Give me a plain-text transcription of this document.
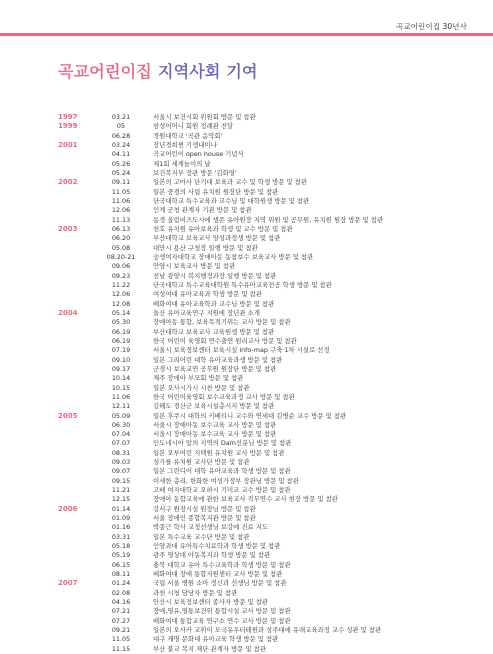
곡교어린이집 30년사
곡교어린이집 지역사회 기여
1997	03.21	서울시 보건시회 위원회 방문 및 참관
1999	05	삼성어머니 회원 정례관 전달
06.28	경원대학교 '곡관 음악회'
2001	03.24	장년경희쩐 기생내미나
04.11	곡교어린이 open house 기념식
05.26	제1회 세계놀이의 날
05.24	보건복지부 장관 방문 '김화영'
2002	09.11	일본의 고마사 단기대 보육과 교수 및 학생 방문 및 참관
11.05	일본 중경의 사립 유치원 원장단 방문 및 참관
11.06	단국대학교 특수교육과 교수님 및 대학원생 방문 및 참관
12.06	인계 군청 관계자 기관 방문 및 참관
11.13	동경 올림비즈도시에 생존 유아원장 지역 위원 및 공무원, 유치원 원장 방문 및 참관
2003	06.13	천호 유치원 유아보육과 학생 및 교수 방문 및 참관
06.20	부산대학교 보육교사 양성과정생 방문 및 참관
05.08	대만시 용산 구청장 일행 방문 및 참관
08.20-21	숭생여자대학교 장애아동 동참보수 보육교사 방문 및 참관
09.06	안양시 보육교사 방문 및 참관
09.23	전남 광양시 복지행정과장 일행 방문 및 참관
11.22	단국대학교 특수교육대학원 특수유아교육전공 학생 방문 및 참관
12.06	여성여대 유아교육과 학생 방문 및 참관
12.08	배화여대 유아교육학과 교수님 방문 및 참관
2004	05.14	울산 유아교육연구 지원에 장년관 소개
05.30	장애아동 통합, 보육목적기위는 교사 방문 및 참관
06.19	부산대학교 보육교사 교육원생 방문 및 참관
06.19	한국 어린이 육영회 연수출연 원리교사 방문 및 참관
07.19	서울시 보육정보센터 보육시설 info-map 구축 1차 시설로 선정
09.10	일본 그리어린 대학 유아교육과생 방문 및 참관
09.17	군경시 보육교연 공무원 원장단 방문 및 참관
10.14	제주 장애아 부모회 방문 및 참관
10.15	일본 오사시가시 시찬 방문 및 참관
11.06	한국 어린이육영회 보수교육과정 교사 방문 및 참관
12.11	김해도 경산군 보육시설총시지 방문 및 참관
2005	05.09	일본 후쿠시 대학의 키베티니 교수와 연세대 김병순 교수 방문 및 참관
06.30	서울시 장애아동 보수교육 교사 방문 및 참관
07.04	서울시 장애아동 보수교육 교사 방문 및 참관
07.07	인도네시아 알의 지역의 Dam선분님 방문 및 참관
08.31	일본 오부어린 지택원 유치원 교사 방문 및 참관
09.03	성가를 유치원 교사단 방문 및 참관
09.07	일본 그린디어 대학 유아교육과 학생 방문 및 참관
09.15	이세한 총리, 한화한 여성가정부 장관님 방문 및 참관
11.21	고베 여자대학교 오하시 기미코 교수 방문 및 참관
12.15	장애아 동합교육에 관한 보육교사 직무연수 교사 현장 방문 및 참관
2006	01.14	강서구 원장시설 원장님 방문 및 참관
01.09	서울 장애인 종합복지관 방문 및 참관
01.16	박종근 학사 교정선생님 보강에 진료 지도
03.31	일본 특수교육 교수단 방문 및 참관
05.18	인양과대 유아특수치료학과 학생 방문 및 참관
05.19	광주 영상대 아동복지과 학생 방문 및 참관
06.15	충북 대학교 유아 특수교육학과 학생 방문 및 참관
08.11	배화여대 장애 통합지원센터 교사 방문 및 참관
2007	01.24	국립 서울 병원 소아 정신과 선생님 방문 및 참관
02.08	과천 시청 담당자 방문 및 참관
04.16	안산시 보육정보센터 종사자 방문 및 참관
07.21	장애,영유,영통보건위 통합시설 교사 방문 및 참관
07.27	배화여대 통합교육 연구소 연수 교사 방문 및 참관
09.21	일본의 오사카 교위이 모국유우터테원과 상주대애 유래교육과정 교수 성관 및 참관
11.05	대구 게명 문화대 유아교육 학생 방문 및 참관
11.15	부산 불교 복지 재단 관계자 방문 및 참관
